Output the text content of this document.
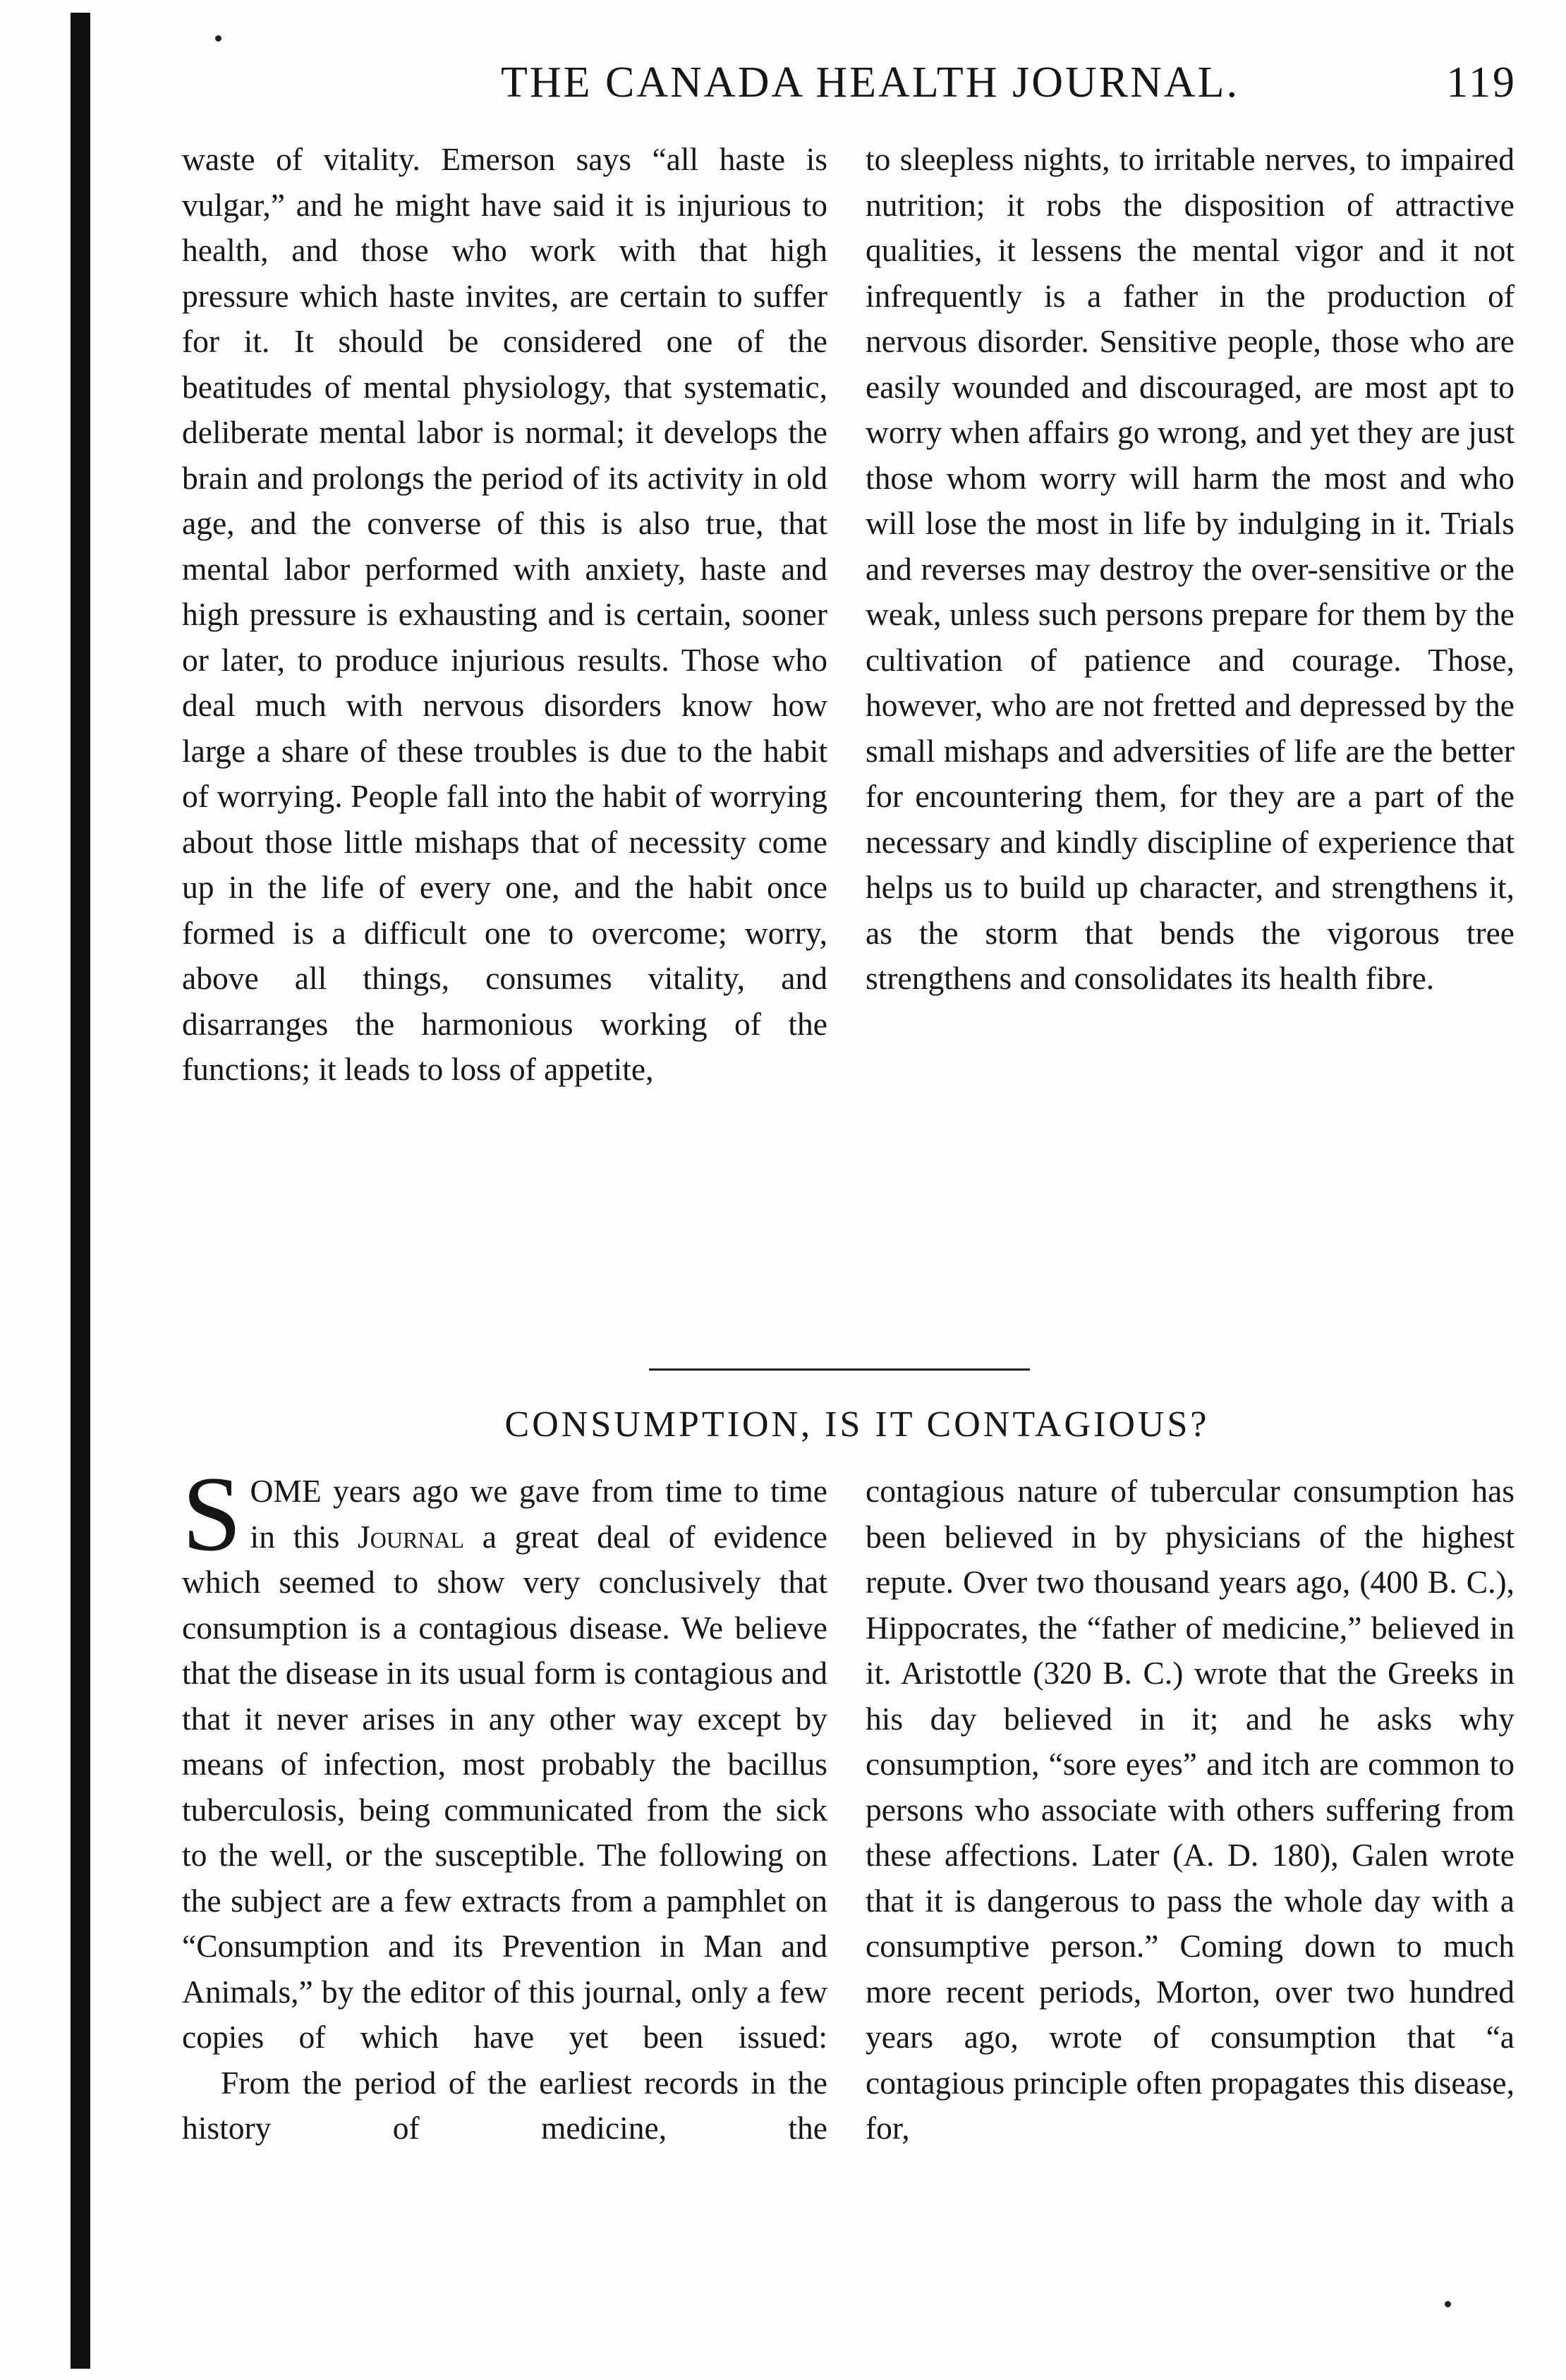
THE CANADA HEALTH JOURNAL.	119

waste of vitality. Emerson says “all haste is vulgar,” and he might have said it is injurious to health, and those who work with that high pressure which haste invites, are certain to suffer for it. It should be considered one of the beatitudes of mental physiology, that systematic, deliberate mental labor is normal; it develops the brain and prolongs the period of its activity in old age, and the converse of this is also true, that mental labor performed with anxiety, haste and high pressure is exhausting and is certain, sooner or later, to produce injurious results. Those who deal much with nervous disorders know how large a share of these troubles is due to the habit of worrying. People fall into the habit of worrying about those little mishaps that of necessity come up in the life of every one, and the habit once formed is a difficult one to overcome; worry, above all things, consumes vitality, and disarranges the harmonious working of the functions; it leads to loss of appetite,

to sleepless nights, to irritable nerves, to impaired nutrition; it robs the disposition of attractive qualities, it lessens the mental vigor and it not infrequently is a father in the production of nervous disorder. Sensitive people, those who are easily wounded and discouraged, are most apt to worry when affairs go wrong, and yet they are just those whom worry will harm the most and who will lose the most in life by indulging in it. Trials and reverses may destroy the over-sensitive or the weak, unless such persons prepare for them by the cultivation of patience and courage. Those, however, who are not fretted and depressed by the small mishaps and adversities of life are the better for encountering them, for they are a part of the necessary and kindly discipline of experience that helps us to build up character, and strengthens it, as the storm that bends the vigorous tree strengthens and consolidates its health fibre.

CONSUMPTION, IS IT CONTAGIOUS?

SOME years ago we gave from time to time in this Journal a great deal of evidence which seemed to show very conclusively that consumption is a contagious disease. We believe that the disease in its usual form is contagious and that it never arises in any other way except by means of infection, most probably the bacillus tuberculosis, being communicated from the sick to the well, or the susceptible. The following on the subject are a few extracts from a pamphlet on “Consumption and its Prevention in Man and Animals,” by the editor of this journal, only a few copies of which have yet been issued:

From the period of the earliest records in the history of medicine, the

contagious nature of tubercular consumption has been believed in by physicians of the highest repute. Over two thousand years ago, (400 B. C.), Hippocrates, the “father of medicine,” believed in it. Aristottle (320 B. C.) wrote that the Greeks in his day believed in it; and he asks why consumption, “sore eyes” and itch are common to persons who associate with others suffering from these affections. Later (A. D. 180), Galen wrote that it is dangerous to pass the whole day with a consumptive person.” Coming down to much more recent periods, Morton, over two hundred years ago, wrote of consumption that “a contagious principle often propagates this disease, for,
